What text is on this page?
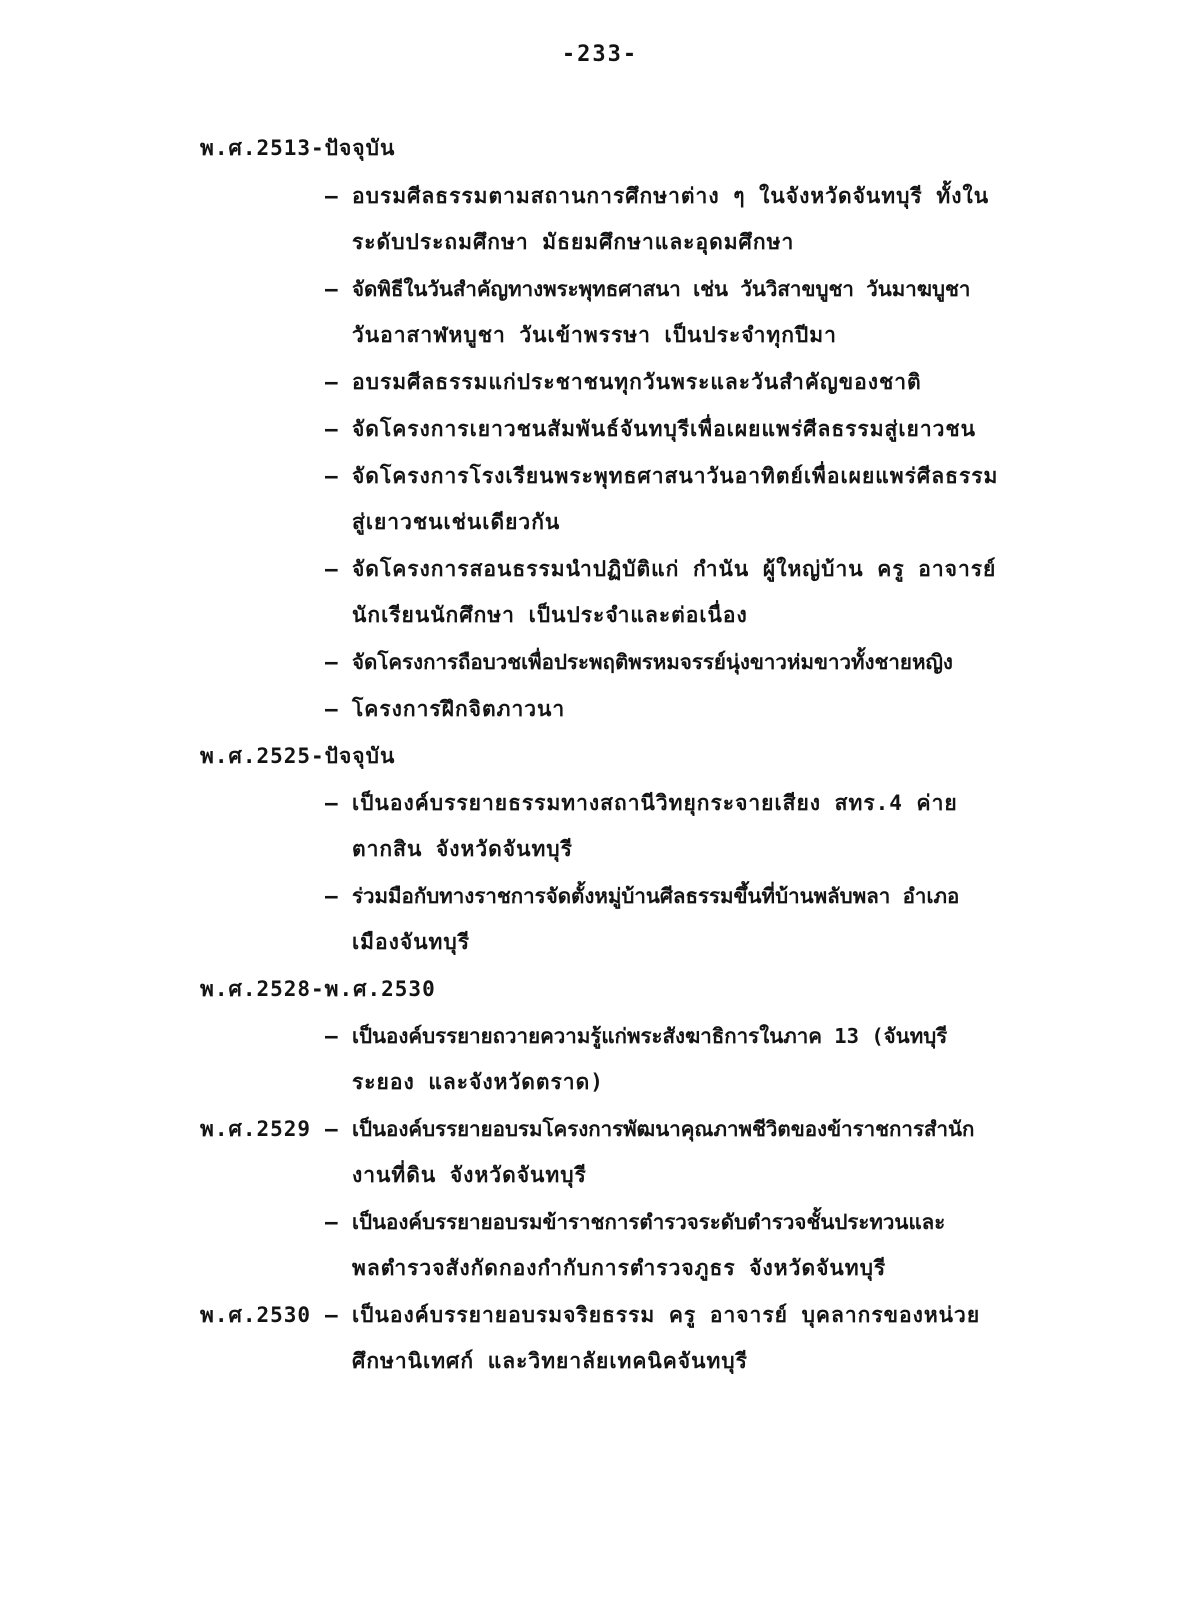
-233-
พ.ศ.2513-ปัจจุบัน
– อบรมศีลธรรมตามสถานการศึกษาต่าง ๆ ในจังหวัดจันทบุรี ทั้งใน
ระดับประถมศึกษา มัธยมศึกษาและอุดมศึกษา
– จัดพิธีในวันสำคัญทางพระพุทธศาสนา เช่น วันวิสาขบูชา วันมาฆบูชา
วันอาสาฬหบูชา วันเข้าพรรษา เป็นประจำทุกปีมา
– อบรมศีลธรรมแก่ประชาชนทุกวันพระและวันสำคัญของชาติ
– จัดโครงการเยาวชนสัมพันธ์จันทบุรีเพื่อเผยแพร่ศีลธรรมสู่เยาวชน
– จัดโครงการโรงเรียนพระพุทธศาสนาวันอาทิตย์เพื่อเผยแพร่ศีลธรรม
สู่เยาวชนเช่นเดียวกัน
– จัดโครงการสอนธรรมนำปฏิบัติแก่ กำนัน ผู้ใหญ่บ้าน ครู อาจารย์
นักเรียนนักศึกษา เป็นประจำและต่อเนื่อง
– จัดโครงการถือบวชเพื่อประพฤติพรหมจรรย์นุ่งขาวห่มขาวทั้งชายหญิง
– โครงการฝึกจิตภาวนา
พ.ศ.2525-ปัจจุบัน
– เป็นองค์บรรยายธรรมทางสถานีวิทยุกระจายเสียง สทร.4 ค่าย
ตากสิน จังหวัดจันทบุรี
– ร่วมมือกับทางราชการจัดตั้งหมู่บ้านศีลธรรมขึ้นที่บ้านพลับพลา อำเภอ
เมืองจันทบุรี
พ.ศ.2528-พ.ศ.2530
– เป็นองค์บรรยายถวายความรู้แก่พระสังฆาธิการในภาค 13 (จันทบุรี
ระยอง และจังหวัดตราด)
พ.ศ.2529 – เป็นองค์บรรยายอบรมโครงการพัฒนาคุณภาพชีวิตของข้าราชการสำนัก
งานที่ดิน จังหวัดจันทบุรี
– เป็นองค์บรรยายอบรมข้าราชการตำรวจระดับตำรวจชั้นประทวนและ
พลตำรวจสังกัดกองกำกับการตำรวจภูธร จังหวัดจันทบุรี
พ.ศ.2530 – เป็นองค์บรรยายอบรมจริยธรรม ครู อาจารย์ บุคลากรของหน่วย
ศึกษานิเทศก์ และวิทยาลัยเทคนิคจันทบุรี
